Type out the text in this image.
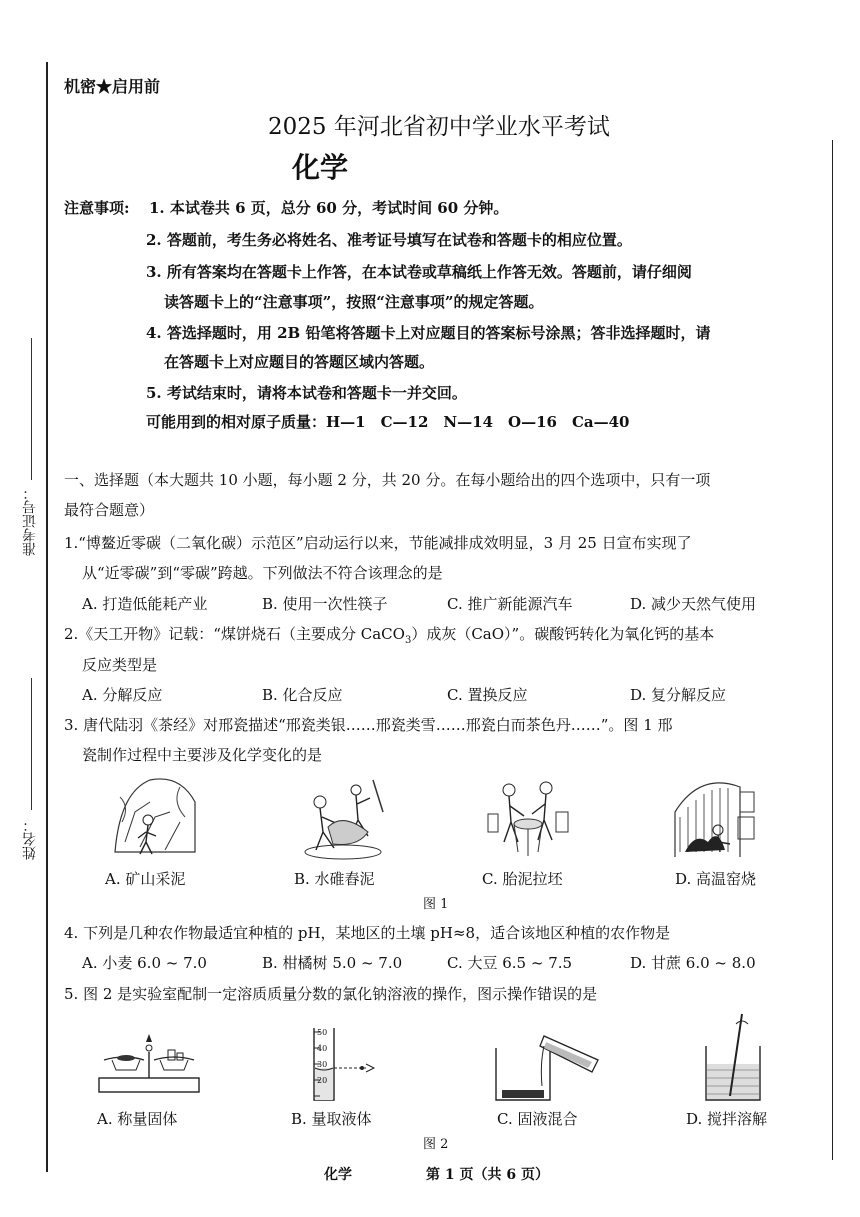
准考证号：
姓名：
机密★启用前
2025 年河北省初中学业水平考试
化学
注意事项: 1. 本试卷共 6 页，总分 60 分，考试时间 60 分钟。
2. 答题前，考生务必将姓名、准考证号填写在试卷和答题卡的相应位置。
3. 所有答案均在答题卡上作答，在本试卷或草稿纸上作答无效。答题前，请仔细阅
读答题卡上的“注意事项”，按照“注意事项”的规定答题。
4. 答选择题时，用 2B 铅笔将答题卡上对应题目的答案标号涂黑；答非选择题时，请
在答题卡上对应题目的答题区域内答题。
5. 考试结束时，请将本试卷和答题卡一并交回。
可能用到的相对原子质量：H—1　C—12　N—14　O—16　Ca—40
一、选择题（本大题共 10 小题，每小题 2 分，共 20 分。在每小题给出的四个选项中，只有一项
最符合题意）
1.“博鳌近零碳（二氧化碳）示范区”启动运行以来，节能减排成效明显，3 月 25 日宣布实现了
从“近零碳”到“零碳”跨越。下列做法不符合该理念的是
A. 打造低能耗产业	B. 使用一次性筷子	C. 推广新能源汽车	D. 减少天然气使用
2.《天工开物》记载：“煤饼烧石（主要成分 CaCO$_3$）成灰（CaO）”。碳酸钙转化为氧化钙的基本
反应类型是
A. 分解反应	B. 化合反应	C. 置换反应	D. 复分解反应
3. 唐代陆羽《茶经》对邢瓷描述“邢瓷类银……邢瓷类雪……邢瓷白而茶色丹……”。图 1 邢
瓷制作过程中主要涉及化学变化的是
A. 矿山采泥	B. 水碓舂泥	C. 胎泥拉坯	D. 高温窑烧
图 1
4. 下列是几种农作物最适宜种植的 pH，某地区的土壤 pH≈8，适合该地区种植的农作物是
A. 小麦 6.0 ~ 7.0	B. 柑橘树 5.0 ~ 7.0	C. 大豆 6.5 ~ 7.5	D. 甘蔗 6.0 ~ 8.0
5. 图 2 是实验室配制一定溶质质量分数的氯化钠溶液的操作，图示操作错误的是
50
40
30
20
A. 称量固体	B. 量取液体	C. 固液混合	D. 搅拌溶解
图 2
化学	第 1 页（共 6 页）
